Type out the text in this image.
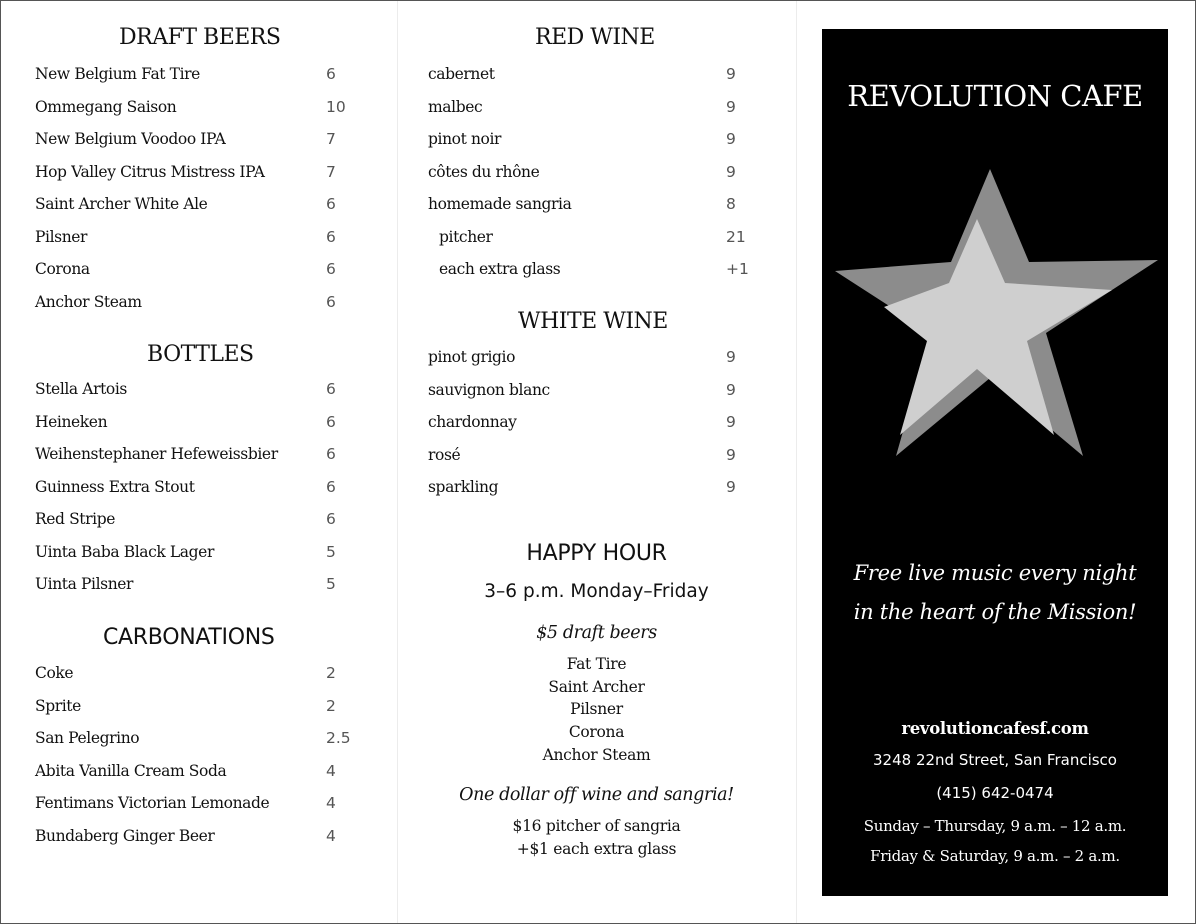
DRAFT BEERS
New Belgium Fat Tire	6
Ommegang Saison	10
New Belgium Voodoo IPA	7
Hop Valley Citrus Mistress IPA	7
Saint Archer White Ale	6
Pilsner	6
Corona	6
Anchor Steam	6
BOTTLES
Stella Artois	6
Heineken	6
Weihenstephaner Hefeweissbier	6
Guinness Extra Stout	6
Red Stripe	6
Uinta Baba Black Lager	5
Uinta Pilsner	5
CARBONATIONS
Coke	2
Sprite	2
San Pelegrino	2.5
Abita Vanilla Cream Soda	4
Fentimans Victorian Lemonade	4
Bundaberg Ginger Beer	4
RED WINE
cabernet	9
malbec	9
pinot noir	9
côtes du rhône	9
homemade sangria	8
pitcher	21
each extra glass	+1
WHITE WINE
pinot grigio	9
sauvignon blanc	9
chardonnay	9
rosé	9
sparkling	9
HAPPY HOUR
3–6 p.m. Monday–Friday
$5 draft beers
Fat Tire
Saint Archer
Pilsner
Corona
Anchor Steam
One dollar off wine and sangria!
$16 pitcher of sangria
+$1 each extra glass
REVOLUTION CAFE
Free live music every night
in the heart of the Mission!
revolutioncafesf.com
3248 22nd Street, San Francisco
(415) 642-0474
Sunday – Thursday, 9 a.m. – 12 a.m.
Friday & Saturday, 9 a.m. – 2 a.m.
